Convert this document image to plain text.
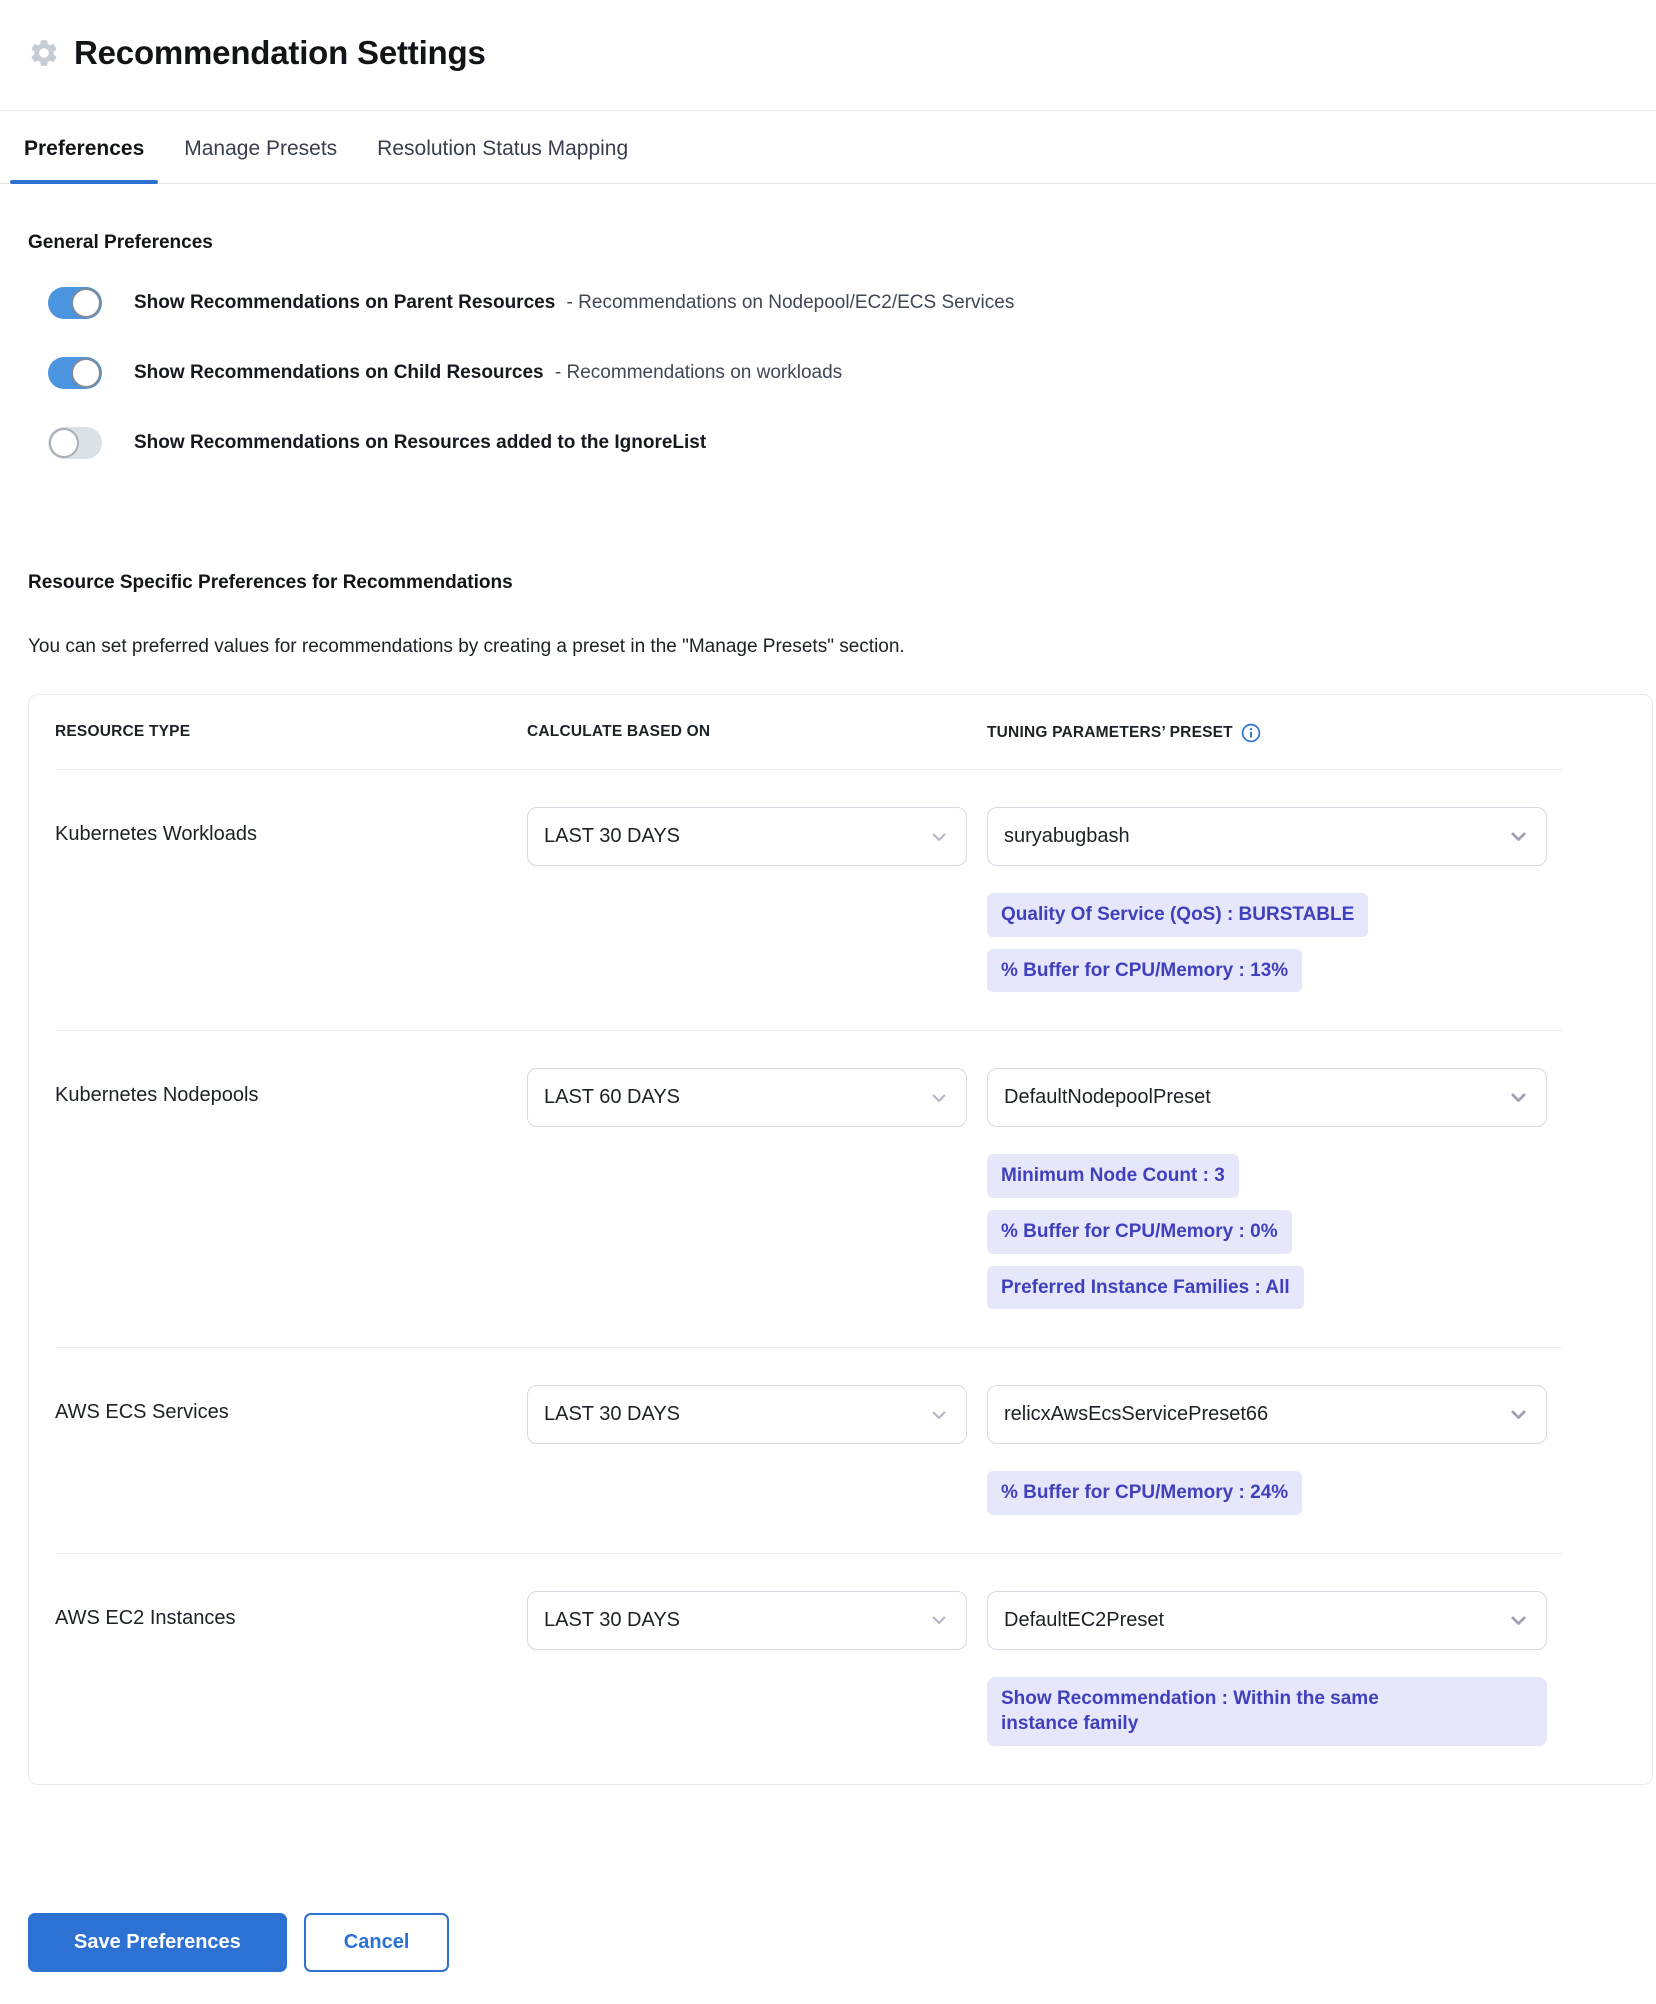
Recommendation Settings
Preferences	Manage Presets	Resolution Status Mapping
General Preferences
Show Recommendations on Parent Resources - Recommendations on Nodepool/EC2/ECS Services
Show Recommendations on Child Resources - Recommendations on workloads
Show Recommendations on Resources added to the IgnoreList
Resource Specific Preferences for Recommendations

You can set preferred values for recommendations by creating a preset in the "Manage Presets" section.

RESOURCE TYPE	CALCULATE BASED ON	TUNING PARAMETERS’ PRESET
Kubernetes Workloads	LAST 30 DAYS	suryabugbash
Quality Of Service (QoS) : BURSTABLE
% Buffer for CPU/Memory : 13%
Kubernetes Nodepools	LAST 60 DAYS	DefaultNodepoolPreset
Minimum Node Count : 3
% Buffer for CPU/Memory : 0%
Preferred Instance Families : All
AWS ECS Services	LAST 30 DAYS	relicxAwsEcsServicePreset66
% Buffer for CPU/Memory : 24%
AWS EC2 Instances	LAST 30 DAYS	DefaultEC2Preset
Show Recommendation : Within the same instance family
Save Preferences	Cancel
